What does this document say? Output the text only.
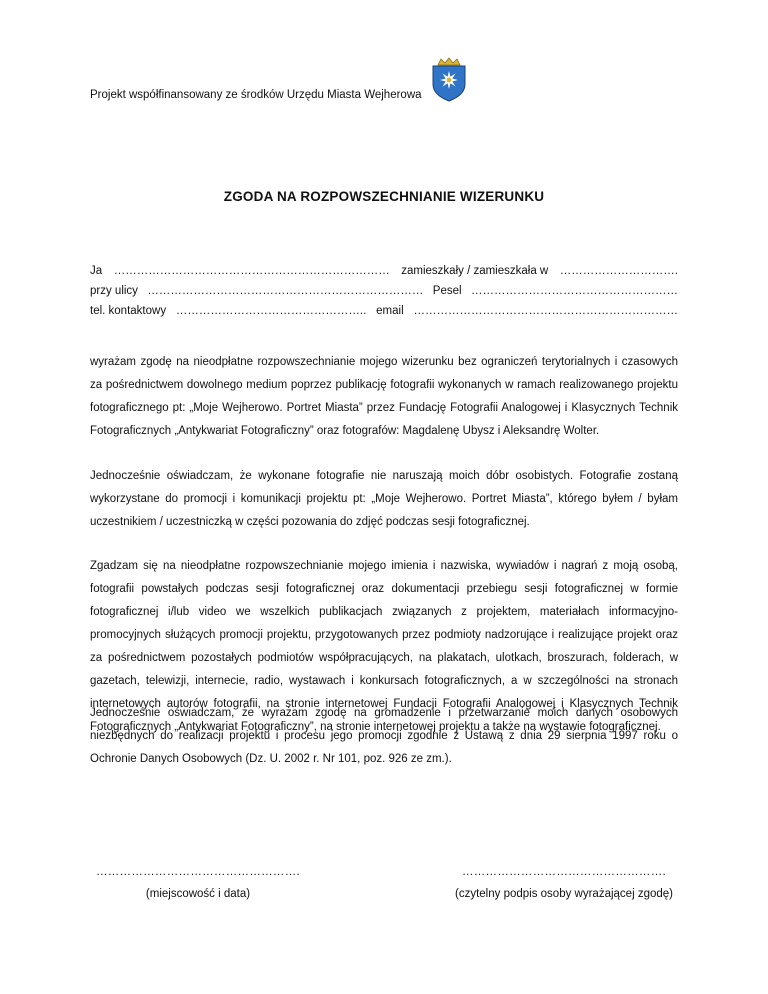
Projekt współfinansowany ze środków Urzędu Miasta Wejherowa
ZGODA NA ROZPOWSZECHNIANIE WIZERUNKU
Ja ……………………………………………………………… zamieszkały / zamieszkała w ………………………….
przy ulicy ……………………………………………………………… Pesel ………………………………………………
tel. kontaktowy ………………………………………….. email ……………………………………………………………

wyrażam zgodę na nieodpłatne rozpowszechnianie mojego wizerunku bez ograniczeń terytorialnych i czasowych za pośrednictwem dowolnego medium poprzez publikację fotografii wykonanych w ramach realizowanego projektu fotograficznego pt: „Moje Wejherowo. Portret Miasta” przez Fundację Fotografii Analogowej i Klasycznych Technik Fotograficznych „Antykwariat Fotograficzny” oraz fotografów: Magdalenę Ubysz i Aleksandrę Wolter.

Jednocześnie oświadczam, że wykonane fotografie nie naruszają moich dóbr osobistych. Fotografie zostaną wykorzystane do promocji i komunikacji projektu pt: „Moje Wejherowo. Portret Miasta”, którego byłem / byłam uczestnikiem / uczestniczką w części pozowania do zdjęć podczas sesji fotograficznej.

Zgadzam się na nieodpłatne rozpowszechnianie mojego imienia i nazwiska, wywiadów i nagrań z moją osobą, fotografii powstałych podczas sesji fotograficznej oraz dokumentacji przebiegu sesji fotograficznej w formie fotograficznej i/lub video we wszelkich publikacjach związanych z projektem, materiałach informacyjno-promocyjnych służących promocji projektu, przygotowanych przez podmioty nadzorujące i realizujące projekt oraz za pośrednictwem pozostałych podmiotów współpracujących, na plakatach, ulotkach, broszurach, folderach, w gazetach, telewizji, internecie, radio, wystawach i konkursach fotograficznych, a w szczególności na stronach internetowych autorów fotografii, na stronie internetowej Fundacji Fotografii Analogowej i Klasycznych Technik Fotograficznych „Antykwariat Fotograficzny”, na stronie internetowej projektu a także na wystawie fotograficznej.

Jednocześnie oświadczam, że wyrażam zgodę na gromadzenie i przetwarzanie moich danych osobowych niezbędnych do realizacji projektu i procesu jego promocji zgodnie z Ustawą z dnia 29 sierpnia 1997 roku o Ochronie Danych Osobowych (Dz. U. 2002 r. Nr 101, poz. 926 ze zm.).

…………………………………………….
(miejscowość i data)
…………………………………………….
(czytelny podpis osoby wyrażającej zgodę)
